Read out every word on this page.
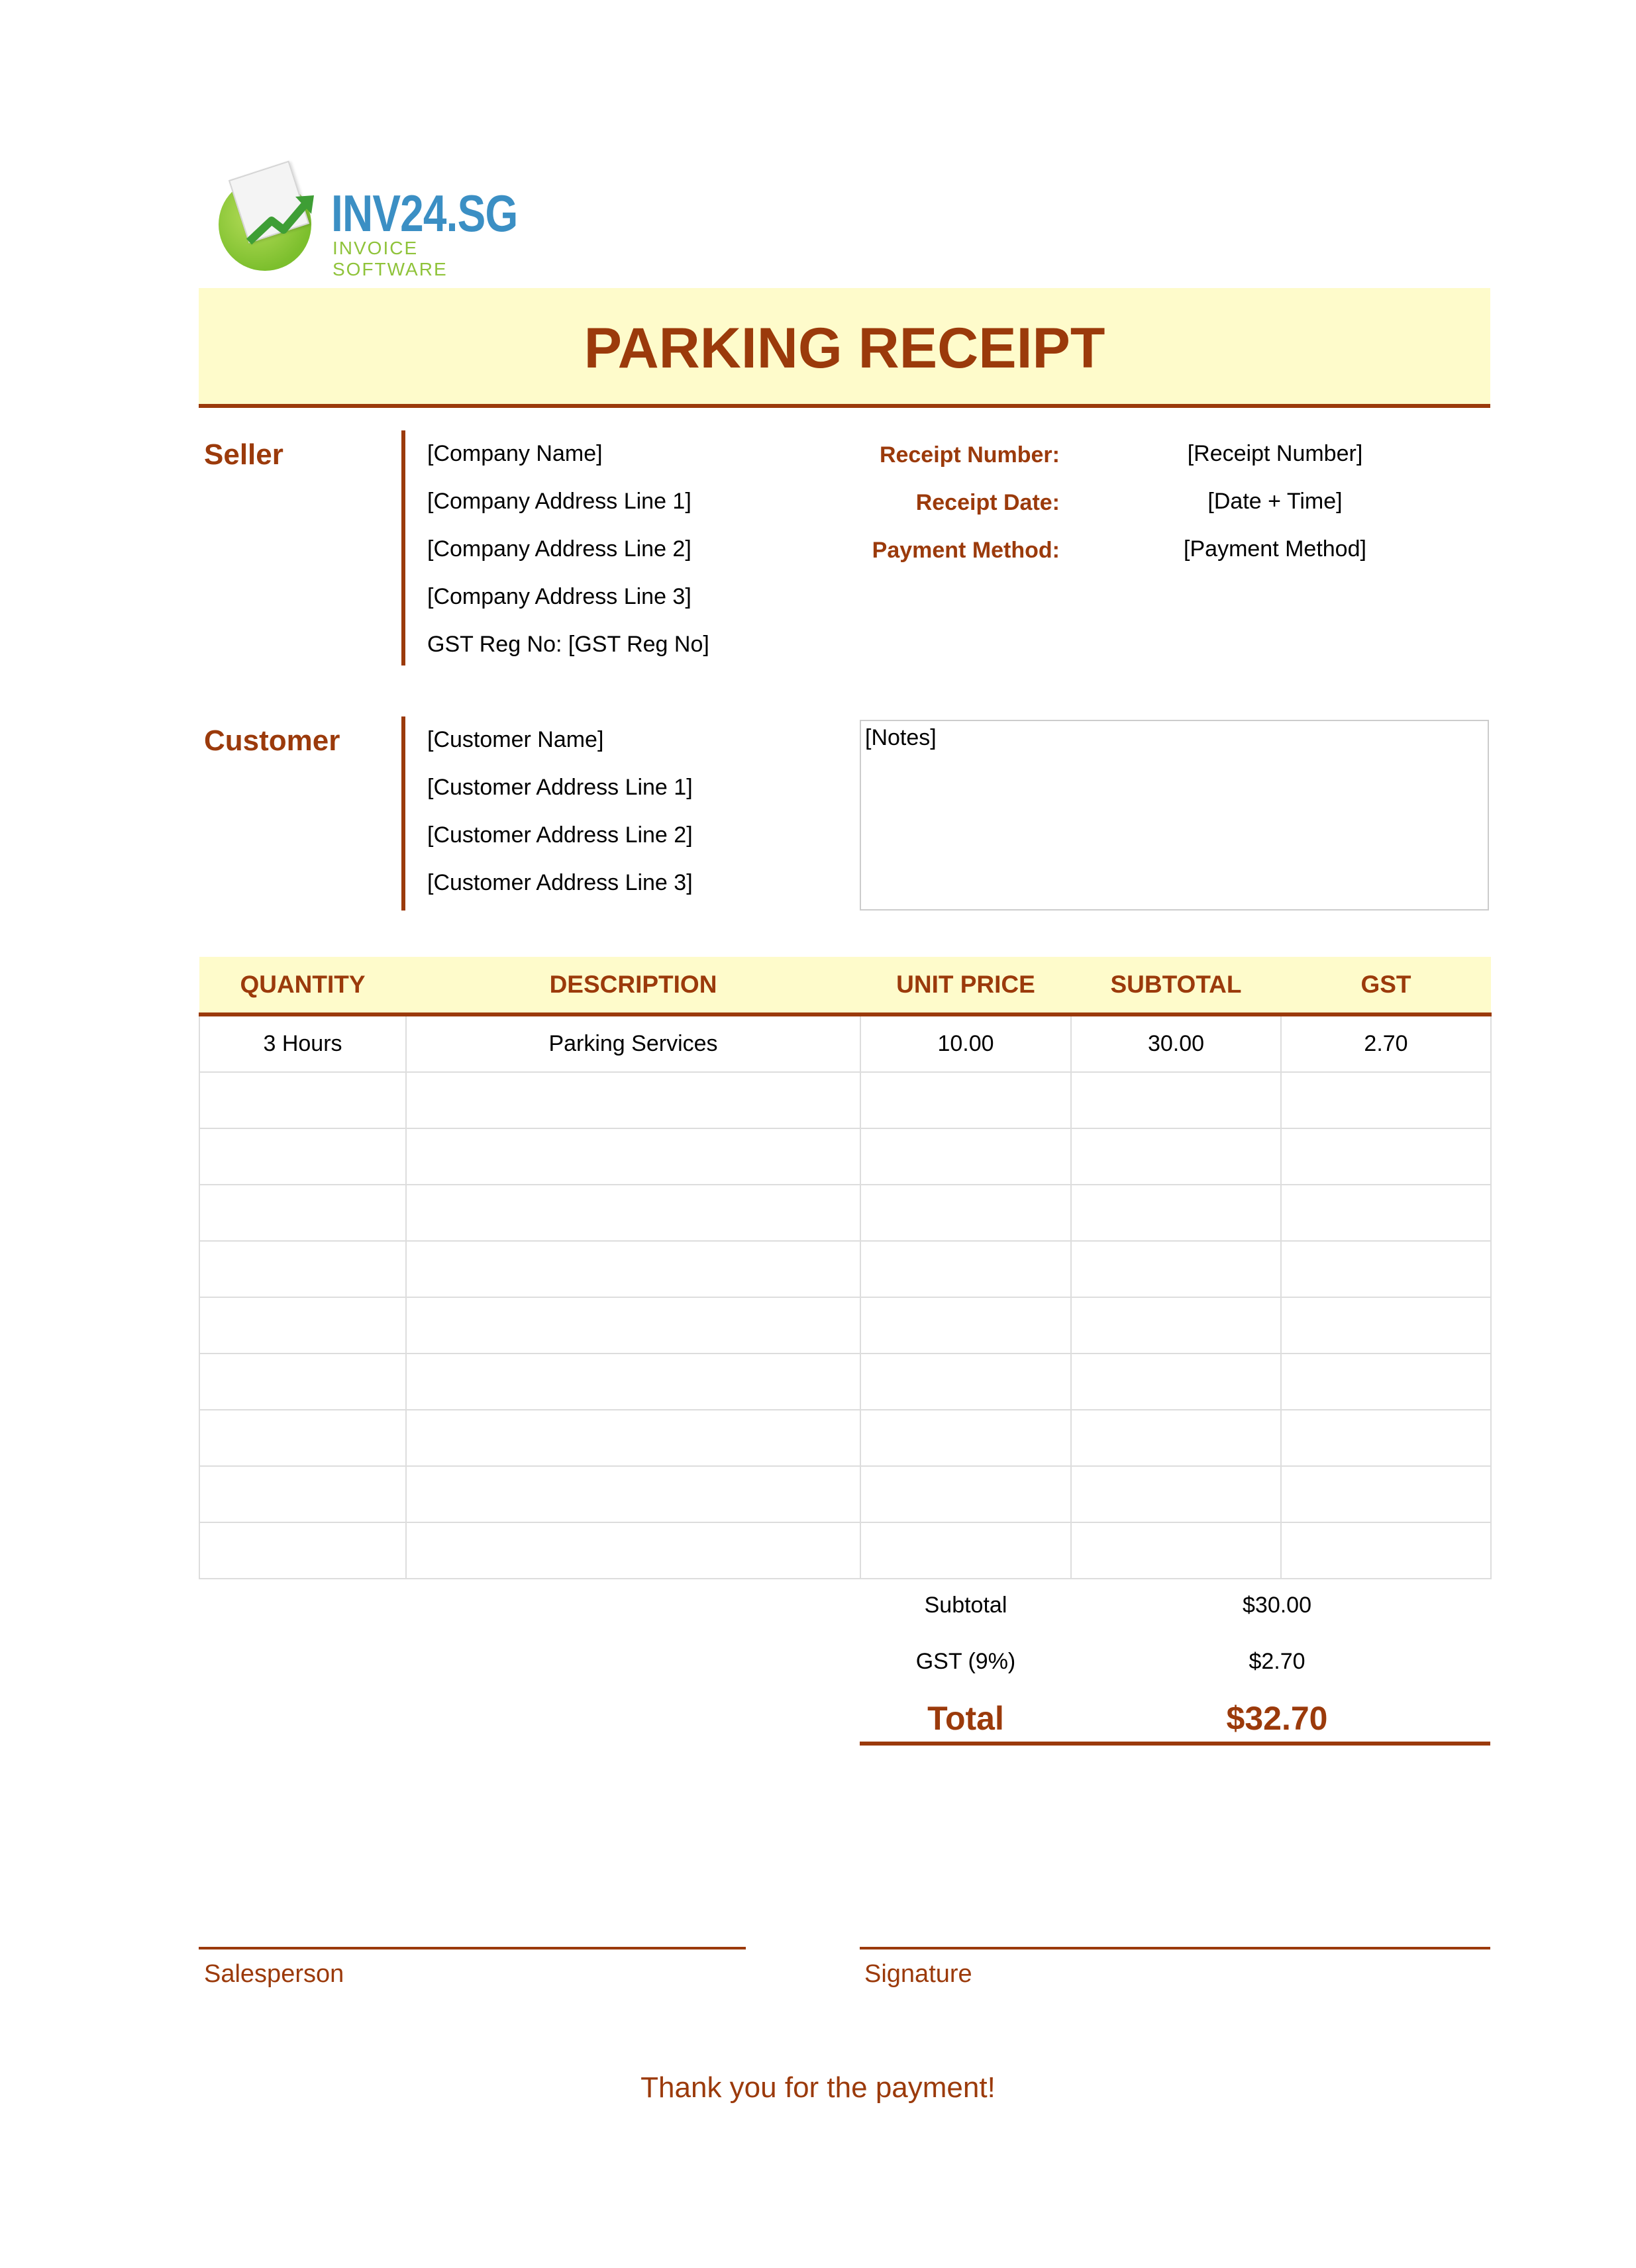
INV24.SG
INVOICE SOFTWARE
PARKING RECEIPT
Seller	[Company Name]
[Company Address Line 1]
[Company Address Line 2]
[Company Address Line 3]
GST Reg No: [GST Reg No]
Receipt Number:	[Receipt Number]
Receipt Date:	[Date + Time]
Payment Method:	[Payment Method]
Customer	[Customer Name]
[Customer Address Line 1]
[Customer Address Line 2]
[Customer Address Line 3]
[Notes]
QUANTITY	DESCRIPTION	UNIT PRICE	SUBTOTAL	GST
3 Hours	Parking Services	10.00	30.00	2.70

Subtotal	$30.00
GST (9%)	$2.70
Total	$32.70
Salesperson	Signature
Thank you for the payment!
